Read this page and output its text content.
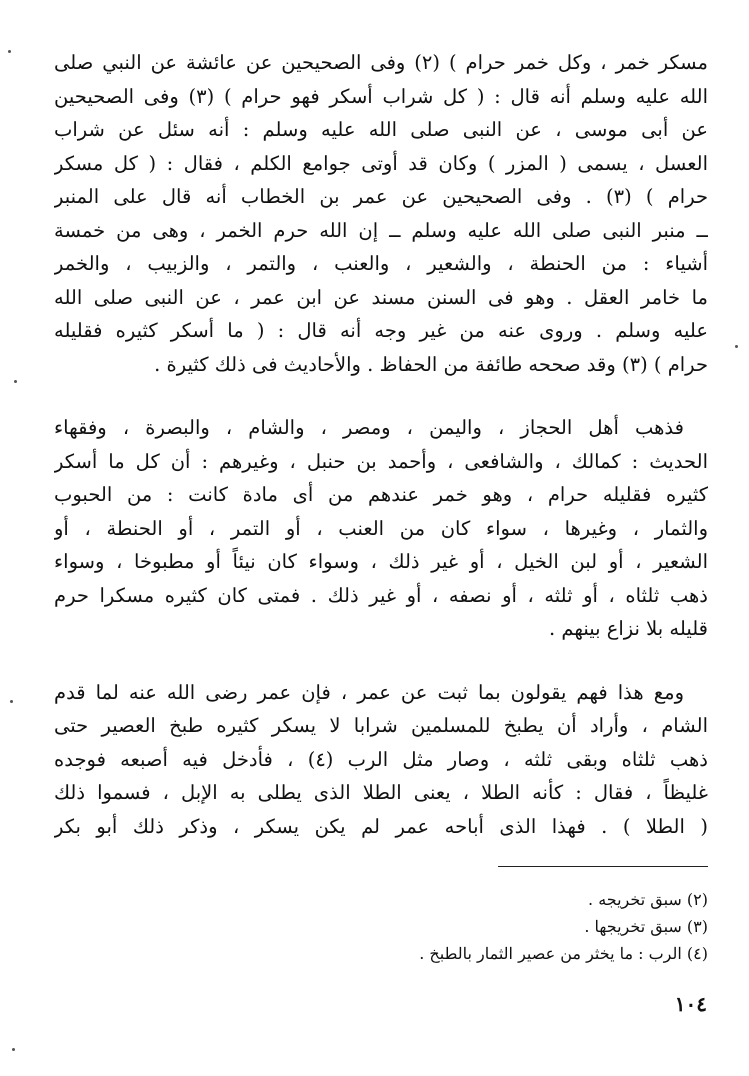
مسكر خمر ، وكل خمر حرام ) (٢) وفى الصحيحين عن عائشة عن النبي صلى
الله عليه وسلم أنه قال : ( كل شراب أسكر فهو حرام ) (٣) وفى الصحيحين
عن أبى موسى ، عن النبى صلى الله عليه وسلم : أنه سئل عن شراب
العسل ، يسمى ( المزر ) وكان قد أوتى جوامع الكلم ، فقال : ( كل مسكر
حرام ) (٣) . وفى الصحيحين عن عمر بن الخطاب أنه قال على المنبر
ــ منبر النبى صلى الله عليه وسلم ــ إن الله حرم الخمر ، وهى من خمسة
أشياء : من الحنطة ، والشعير ، والعنب ، والتمر ، والزبيب ، والخمر
ما خامر العقل . وهو فى السنن مسند عن ابن عمر ، عن النبى صلى الله
عليه وسلم . وروى عنه من غير وجه أنه قال : ( ما أسكر كثيره فقليله
حرام ) (٣) وقد صححه طائفة من الحفاظ . والأحاديث فى ذلك كثيرة .

فذهب أهل الحجاز ، واليمن ، ومصر ، والشام ، والبصرة ، وفقهاء
الحديث : كمالك ، والشافعى ، وأحمد بن حنبل ، وغيرهم : أن كل ما أسكر
كثيره فقليله حرام ، وهو خمر عندهم من أى مادة كانت : من الحبوب
والثمار ، وغيرها ، سواء كان من العنب ، أو التمر ، أو الحنطة ، أو
الشعير ، أو لبن الخيل ، أو غير ذلك ، وسواء كان نيئاً أو مطبوخا ، وسواء
ذهب ثلثاه ، أو ثلثه ، أو نصفه ، أو غير ذلك . فمتى كان كثيره مسكرا حرم
قليله بلا نزاع بينهم .

ومع هذا فهم يقولون بما ثبت عن عمر ، فإن عمر رضى الله عنه لما قدم
الشام ، وأراد أن يطبخ للمسلمين شرابا لا يسكر كثيره طبخ العصير حتى
ذهب ثلثاه وبقى ثلثه ، وصار مثل الرب (٤) ، فأدخل فيه أصبعه فوجده
غليظاً ، فقال : كأنه الطلا ، يعنى الطلا الذى يطلى به الإبل ، فسموا ذلك
( الطلا ) . فهذا الذى أباحه عمر لم يكن يسكر ، وذكر ذلك أبو بكر

(٢) سبق تخريجه .
(٣) سبق تخريجها .
(٤) الرب : ما يخثر من عصير الثمار بالطبخ .
١٠٤
